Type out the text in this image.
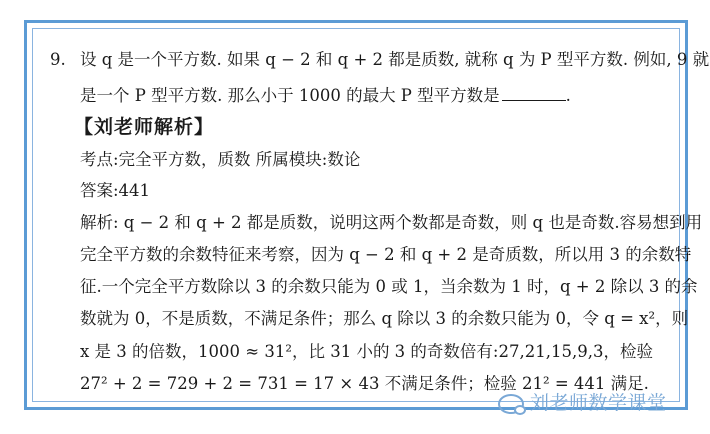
9. 设 q 是一个平方数. 如果 q − 2 和 q + 2 都是质数, 就称 q 为 P 型平方数. 例如, 9 就
是一个 P 型平方数. 那么小于 1000 的最大 P 型平方数是	.
【刘老师解析】
考点:完全平方数，质数 所属模块:数论
答案:441
解析: q − 2 和 q + 2 都是质数，说明这两个数都是奇数，则 q 也是奇数.容易想到用
完全平方数的余数特征来考察，因为 q − 2 和 q + 2 是奇质数，所以用 3 的余数特
征.一个完全平方数除以 3 的余数只能为 0 或 1，当余数为 1 时，q + 2 除以 3 的余
数就为 0，不是质数，不满足条件；那么 q 除以 3 的余数只能为 0，令 q = x²，则
x 是 3 的倍数，1000 ≈ 31²，比 31 小的 3 的奇数倍有:27,21,15,9,3，检验
27² + 2 = 729 + 2 = 731 = 17 × 43 不满足条件；检验 21² = 441 满足.
刘老师数学课堂
